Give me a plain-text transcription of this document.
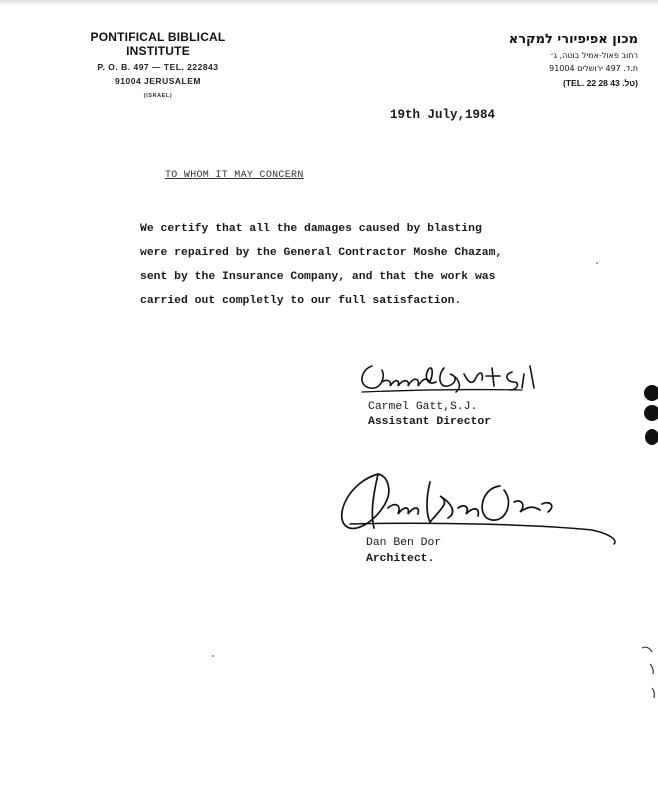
PONTIFICAL BIBLICAL INSTITUTE
P. O. B. 497 — TEL. 222843
91004 JERUSALEM
(ISRAEL)
מכון אפיפיורי למקרא
רחוב פאול-אמיל בוטה, ג׳
ת.ד. 497 ירושלים 91004
(TEL. 22 28 43 .טל)
19th July,1984
TO WHOM IT MAY CONCERN
We certify that all the damages caused by blasting
were repaired by the General Contractor Moshe Chazam,
sent by the Insurance Company, and that the work was
carried out completly to our full satisfaction.
Carmel Gatt,S.J.
Assistant Director
Dan Ben Dor
Architect.
